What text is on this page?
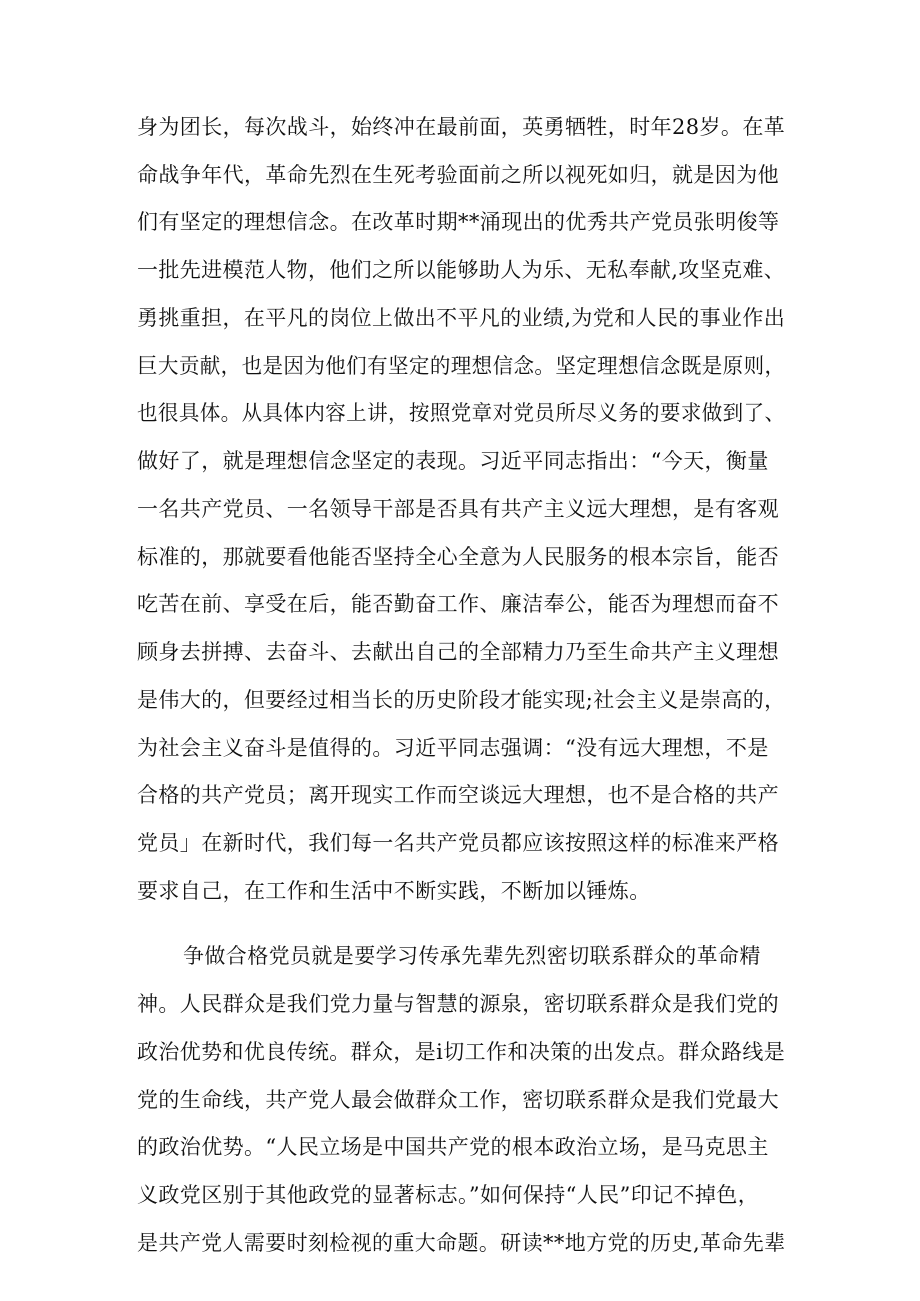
身为团长，每次战斗，始终冲在最前面，英勇牺牲，时年28岁。在革
命战争年代，革命先烈在生死考验面前之所以视死如归，就是因为他
们有坚定的理想信念。在改革时期**涌现出的优秀共产党员张明俊等
一批先进模范人物，他们之所以能够助人为乐、无私奉献,攻坚克难、
勇挑重担，在平凡的岗位上做出不平凡的业绩,为党和人民的事业作出
巨大贡献，也是因为他们有坚定的理想信念。坚定理想信念既是原则，
也很具体。从具体内容上讲，按照党章对党员所尽义务的要求做到了、
做好了，就是理想信念坚定的表现。习近平同志指出：“今天，衡量
一名共产党员、一名领导干部是否具有共产主义远大理想，是有客观
标准的，那就要看他能否坚持全心全意为人民服务的根本宗旨，能否
吃苦在前、享受在后，能否勤奋工作、廉洁奉公，能否为理想而奋不
顾身去拼搏、去奋斗、去献出自己的全部精力乃至生命共产主义理想
是伟大的，但要经过相当长的历史阶段才能实现;社会主义是崇高的，
为社会主义奋斗是值得的。习近平同志强调：“没有远大理想，不是
合格的共产党员；离开现实工作而空谈远大理想，也不是合格的共产
党员」在新时代，我们每一名共产党员都应该按照这样的标准来严格
要求自己，在工作和生活中不断实践，不断加以锤炼。
争做合格党员就是要学习传承先辈先烈密切联系群众的革命精
神。人民群众是我们党力量与智慧的源泉，密切联系群众是我们党的
政治优势和优良传统。群众，是i切工作和决策的出发点。群众路线是
党的生命线，共产党人最会做群众工作，密切联系群众是我们党最大
的政治优势。“人民立场是中国共产党的根本政治立场，是马克思主
义政党区别于其他政党的显著标志。”如何保持“人民”印记不掉色，
是共产党人需要时刻检视的重大命题。研读**地方党的历史,革命先辈
